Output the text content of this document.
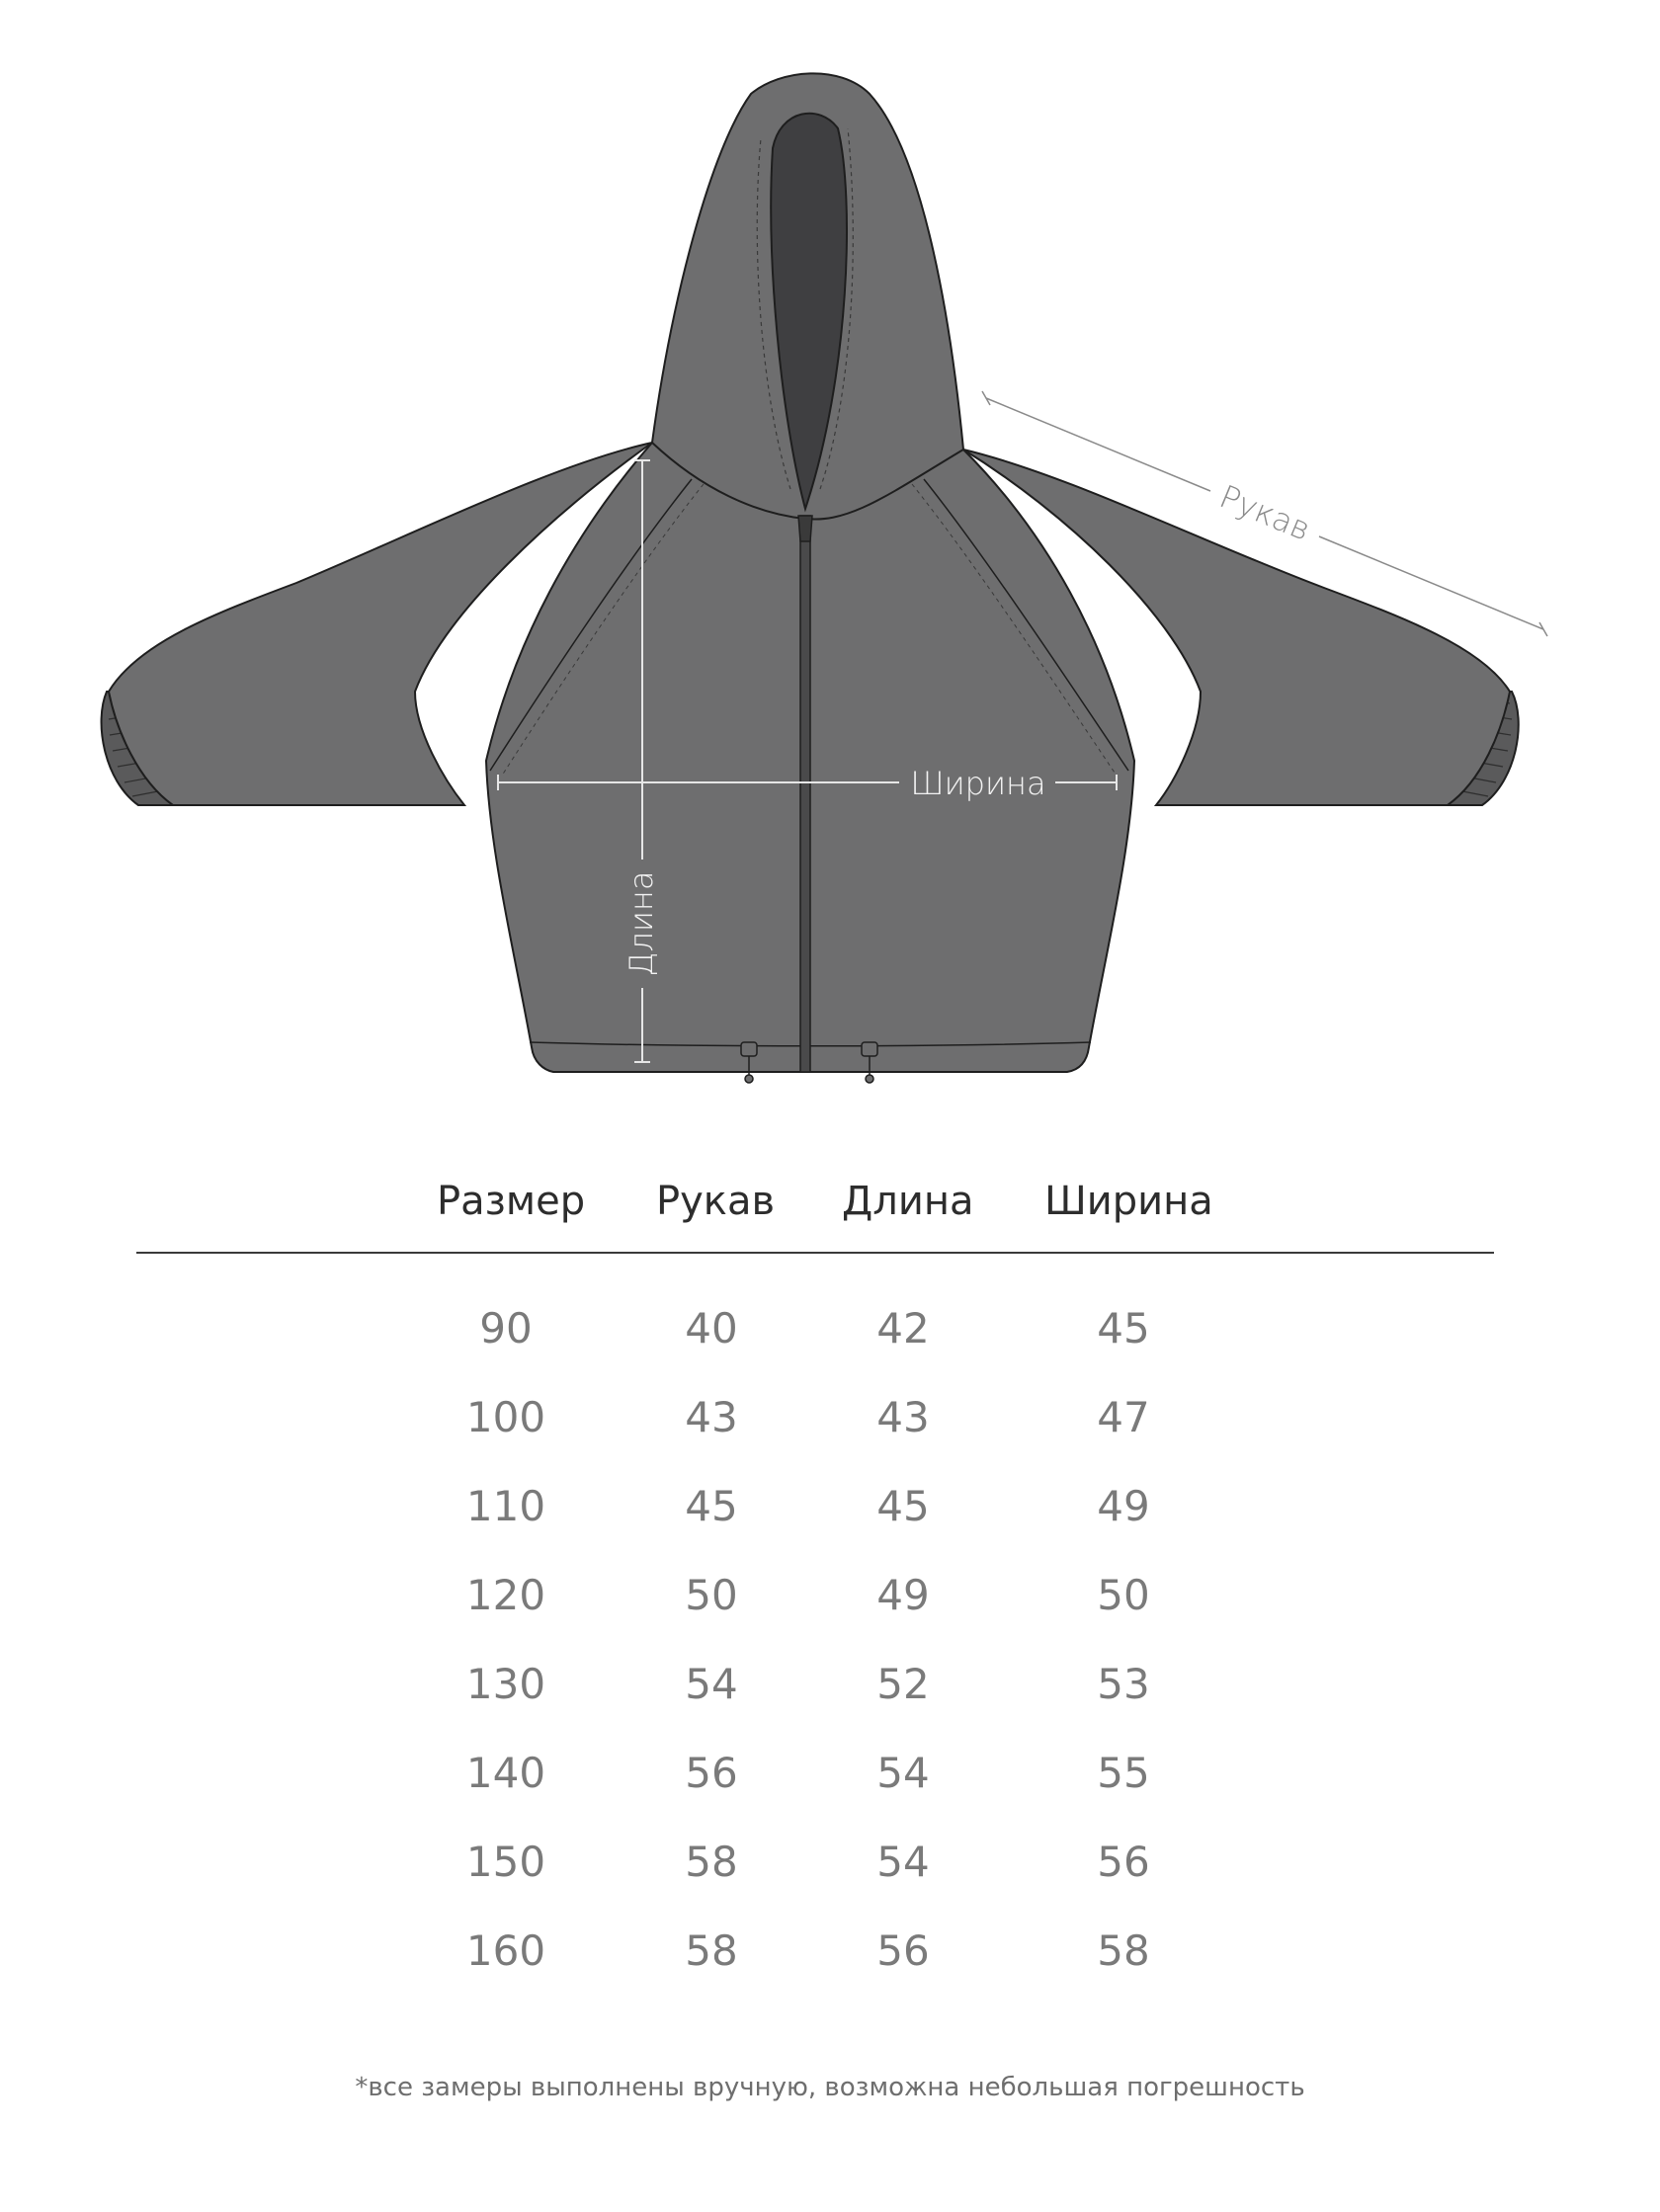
Рукав
Ширина
Длина
Размер Рукав Длина Ширина
90	40	42	45
100	43	43	47
110	45	45	49
120	50	49	50
130	54	52	53
140	56	54	55
150	58	54	56
160	58	56	58
*все замеры выполнены вручную, возможна небольшая погрешность
